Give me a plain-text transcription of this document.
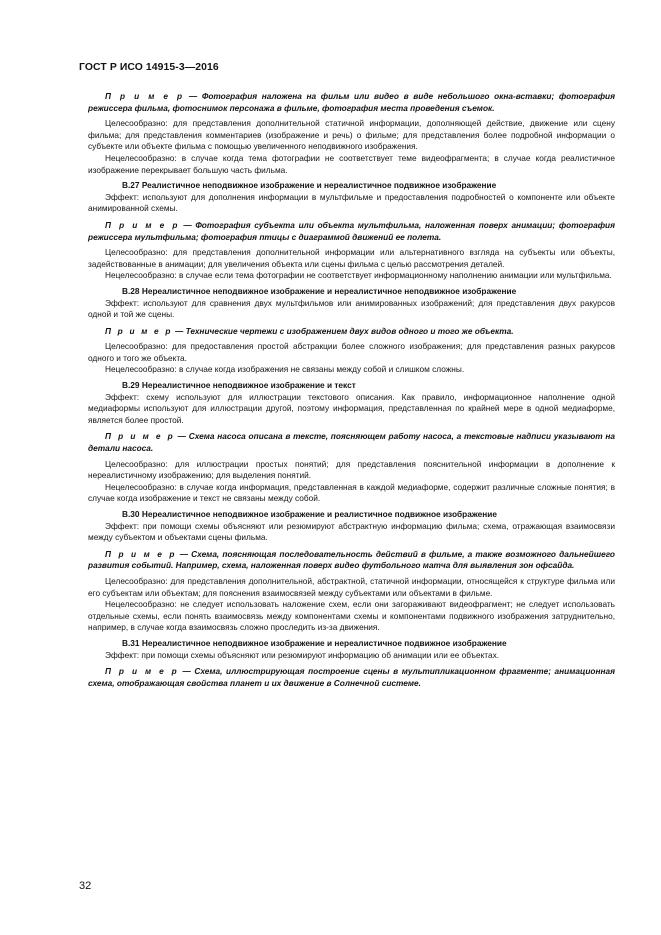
ГОСТ Р ИСО 14915-3—2016

П р и м е р — Фотография наложена на фильм или видео в виде небольшого окна-вставки; фотография режиссера фильма, фотоснимок персонажа в фильме, фотография места проведения съемок.

Целесообразно: для представления дополнительной статичной информации, дополняющей действие, движение или сцену фильма; для представления комментариев (изображение и речь) о фильме; для представления более подробной информации о субъекте или объекте фильма с помощью увеличенного неподвижного изображения.

Нецелесообразно: в случае когда тема фотографии не соответствует теме видеофрагмента; в случае когда реалистичное изображение перекрывает большую часть фильма.

В.27 Реалистичное неподвижное изображение и нереалистичное подвижное изображение

Эффект: используют для дополнения информации в мультфильме и предоставления подробностей о компоненте или объекте анимированной схемы.

П р и м е р — Фотография субъекта или объекта мультфильма, наложенная поверх анимации; фотография режиссера мультфильма; фотография птицы с диаграммой движений ее полета.

Целесообразно: для представления дополнительной информации или альтернативного взгляда на субъекты или объекты, задействованные в анимации; для увеличения объекта или сцены фильма с целью рассмотрения деталей.

Нецелесообразно: в случае если тема фотографии не соответствует информационному наполнению анимации или мультфильма.

В.28 Нереалистичное неподвижное изображение и нереалистичное неподвижное изображение

Эффект: используют для сравнения двух мультфильмов или анимированных изображений; для представления двух ракурсов одной и той же сцены.

П р и м е р — Технические чертежи с изображением двух видов одного и того же объекта.

Целесообразно: для предоставления простой абстракции более сложного изображения; для представления разных ракурсов одного и того же объекта.

Нецелесообразно: в случае когда изображения не связаны между собой и слишком сложны.

В.29 Нереалистичное неподвижное изображение и текст

Эффект: схему используют для иллюстрации текстового описания. Как правило, информационное наполнение одной медиаформы используют для иллюстрации другой, поэтому информация, представленная по крайней мере в одной медиаформе, является более простой.

П р и м е р — Схема насоса описана в тексте, поясняющем работу насоса, а текстовые надписи указывают на детали насоса.

Целесообразно: для иллюстрации простых понятий; для представления пояснительной информации в дополнение к нереалистичному изображению; для выделения понятий.

Нецелесообразно: в случае когда информация, представленная в каждой медиаформе, содержит различные сложные понятия; в случае когда изображение и текст не связаны между собой.

В.30 Нереалистичное неподвижное изображение и реалистичное подвижное изображение

Эффект: при помощи схемы объясняют или резюмируют абстрактную информацию фильма; схема, отражающая взаимосвязи между субъектом и объектами сцены фильма.

П р и м е р — Схема, поясняющая последовательность действий в фильме, а также возможного дальнейшего развития событий. Например, схема, наложенная поверх видео футбольного матча для выявления зон офсайда.

Целесообразно: для представления дополнительной, абстрактной, статичной информации, относящейся к структуре фильма или его субъектам или объектам; для пояснения взаимосвязей между субъектами или объектами в фильме.

Нецелесообразно: не следует использовать наложение схем, если они загораживают видеофрагмент; не следует использовать отдельные схемы, если понять взаимосвязь между компонентами схемы и компонентами подвижного изображения затруднительно, например, в случае когда взаимосвязь сложно проследить из-за движения.

В.31 Нереалистичное неподвижное изображение и нереалистичное подвижное изображение

Эффект: при помощи схемы объясняют или резюмируют информацию об анимации или ее объектах.

П р и м е р — Схема, иллюстрирующая построение сцены в мультипликационном фрагменте; анимационная схема, отображающая свойства планет и их движение в Солнечной системе.

32
